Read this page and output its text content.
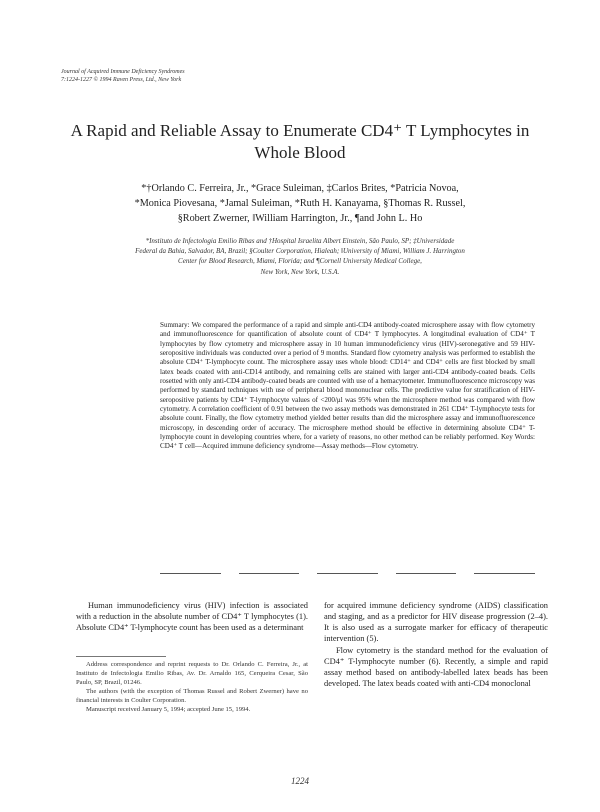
Journal of Acquired Immune Deficiency Syndromes
7:1224-1227 © 1994 Raven Press, Ltd., New York
A Rapid and Reliable Assay to Enumerate CD4⁺ T Lymphocytes in Whole Blood
*†Orlando C. Ferreira, Jr., *Grace Suleiman, ‡Carlos Brites, *Patricia Novoa,
*Monica Piovesana, *Jamal Suleiman, *Ruth H. Kanayama, §Thomas R. Russel,
§Robert Zwerner, ‖William Harrington, Jr., ¶and John L. Ho
*Instituto de Infectologia Emilio Ribas and †Hospital Israelita Albert Einstein, São Paulo, SP; ‡Universidade
Federal da Bahia, Salvador, BA, Brazil; §Coulter Corporation, Hialeah; ‖University of Miami, William J. Harrington
Center for Blood Research, Miami, Florida; and ¶Cornell University Medical College,
New York, New York, U.S.A.
Summary: We compared the performance of a rapid and simple anti-CD4 antibody-coated microsphere assay with flow cytometry and immunofluorescence for quantification of absolute count of CD4⁺ T lymphocytes. A longitudinal evaluation of CD4⁺ T lymphocytes by flow cytometry and microsphere assay in 10 human immunodeficiency virus (HIV)-seronegative and 59 HIV-seropositive individuals was conducted over a period of 9 months. Standard flow cytometry analysis was performed to establish the absolute CD4⁺ T-lymphocyte count. The microsphere assay uses whole blood: CD14⁺ and CD4⁺ cells are first blocked by small latex beads coated with anti-CD14 antibody, and remaining cells are stained with larger anti-CD4 antibody-coated beads. Cells rosetted with only anti-CD4 antibody-coated beads are counted with use of a hemacytometer. Immunofluorescence microscopy was performed by standard techniques with use of peripheral blood mononuclear cells. The predictive value for stratification of HIV-seropositive patients by CD4⁺ T-lymphocyte values of <200/μl was 95% when the microsphere method was compared with flow cytometry. A correlation coefficient of 0.91 between the two assay methods was demonstrated in 261 CD4⁺ T-lymphocyte tests for absolute count. Finally, the flow cytometry method yielded better results than did the microsphere assay and immunofluorescence microscopy, in descending order of accuracy. The microsphere method should be effective in determining absolute CD4⁺ T-lymphocyte count in developing countries where, for a variety of reasons, no other method can be reliably performed. Key Words: CD4⁺ T cell—Acquired immune deficiency syndrome—Assay methods—Flow cytometry.

Human immunodeficiency virus (HIV) infection is associated with a reduction in the absolute number of CD4⁺ T lymphocytes (1). Absolute CD4⁺ T-lymphocyte count has been used as a determinant

Address correspondence and reprint requests to Dr. Orlando C. Ferreira, Jr., at Instituto de Infectologia Emilio Ribas, Av. Dr. Arnaldo 165, Cerqueira Cesar, São Paulo, SP, Brazil, 01246.

The authors (with the exception of Thomas Russel and Robert Zwerner) have no financial interests in Coulter Corporation.

Manuscript received January 5, 1994; accepted June 15, 1994.

for acquired immune deficiency syndrome (AIDS) classification and staging, and as a predictor for HIV disease progression (2–4). It is also used as a surrogate marker for efficacy of therapeutic intervention (5).

Flow cytometry is the standard method for the evaluation of CD4⁺ T-lymphocyte number (6). Recently, a simple and rapid assay method based on antibody-labelled latex beads has been developed. The latex beads coated with anti-CD4 monoclonal

1224
